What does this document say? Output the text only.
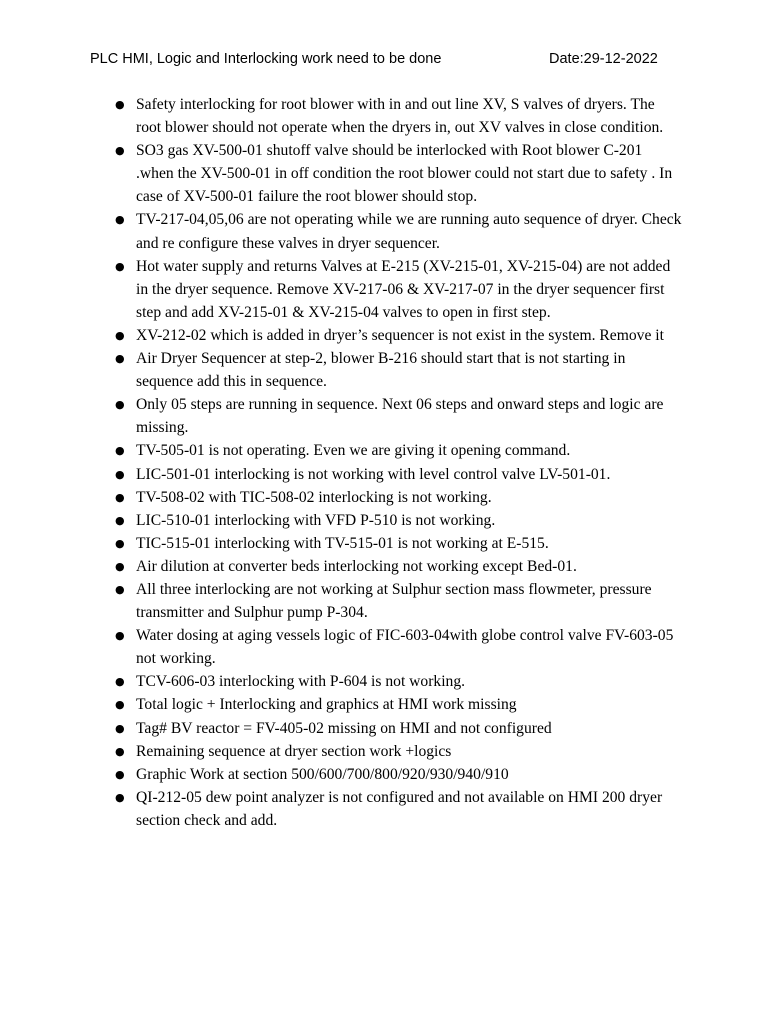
PLC HMI, Logic and Interlocking work need to be done	Date:29-12-2022
● Safety interlocking for root blower with in and out line XV, S valves of dryers. The root blower should not operate when the dryers in, out XV valves in close condition.
● SO3 gas XV-500-01 shutoff valve should be interlocked with Root blower C-201 .when the XV-500-01 in off condition the root blower could not start due to safety . In case of XV-500-01 failure the root blower should stop.
● TV-217-04,05,06 are not operating while we are running auto sequence of dryer. Check and re configure these valves in dryer sequencer.
● Hot water supply and returns Valves at E-215 (XV-215-01, XV-215-04) are not added in the dryer sequence. Remove XV-217-06 & XV-217-07 in the dryer sequencer first step and add XV-215-01 & XV-215-04 valves to open in first step.
● XV-212-02 which is added in dryer’s sequencer is not exist in the system. Remove it
● Air Dryer Sequencer at step-2, blower B-216 should start that is not starting in sequence add this in sequence.
● Only 05 steps are running in sequence. Next 06 steps and onward steps and logic are missing.
● TV-505-01 is not operating. Even we are giving it opening command.
● LIC-501-01 interlocking is not working with level control valve LV-501-01.
● TV-508-02 with TIC-508-02 interlocking is not working.
● LIC-510-01 interlocking with VFD P-510 is not working.
● TIC-515-01 interlocking with TV-515-01 is not working at E-515.
● Air dilution at converter beds interlocking not working except Bed-01.
● All three interlocking are not working at Sulphur section mass flowmeter, pressure transmitter and Sulphur pump P-304.
● Water dosing at aging vessels logic of FIC-603-04with globe control valve FV-603-05 not working.
● TCV-606-03 interlocking with P-604 is not working.
● Total logic + Interlocking and graphics at HMI work missing
● Tag# BV reactor = FV-405-02 missing on HMI and not configured
● Remaining sequence at dryer section work +logics
● Graphic Work at section 500/600/700/800/920/930/940/910
● QI-212-05 dew point analyzer is not configured and not available on HMI 200 dryer section check and add.
